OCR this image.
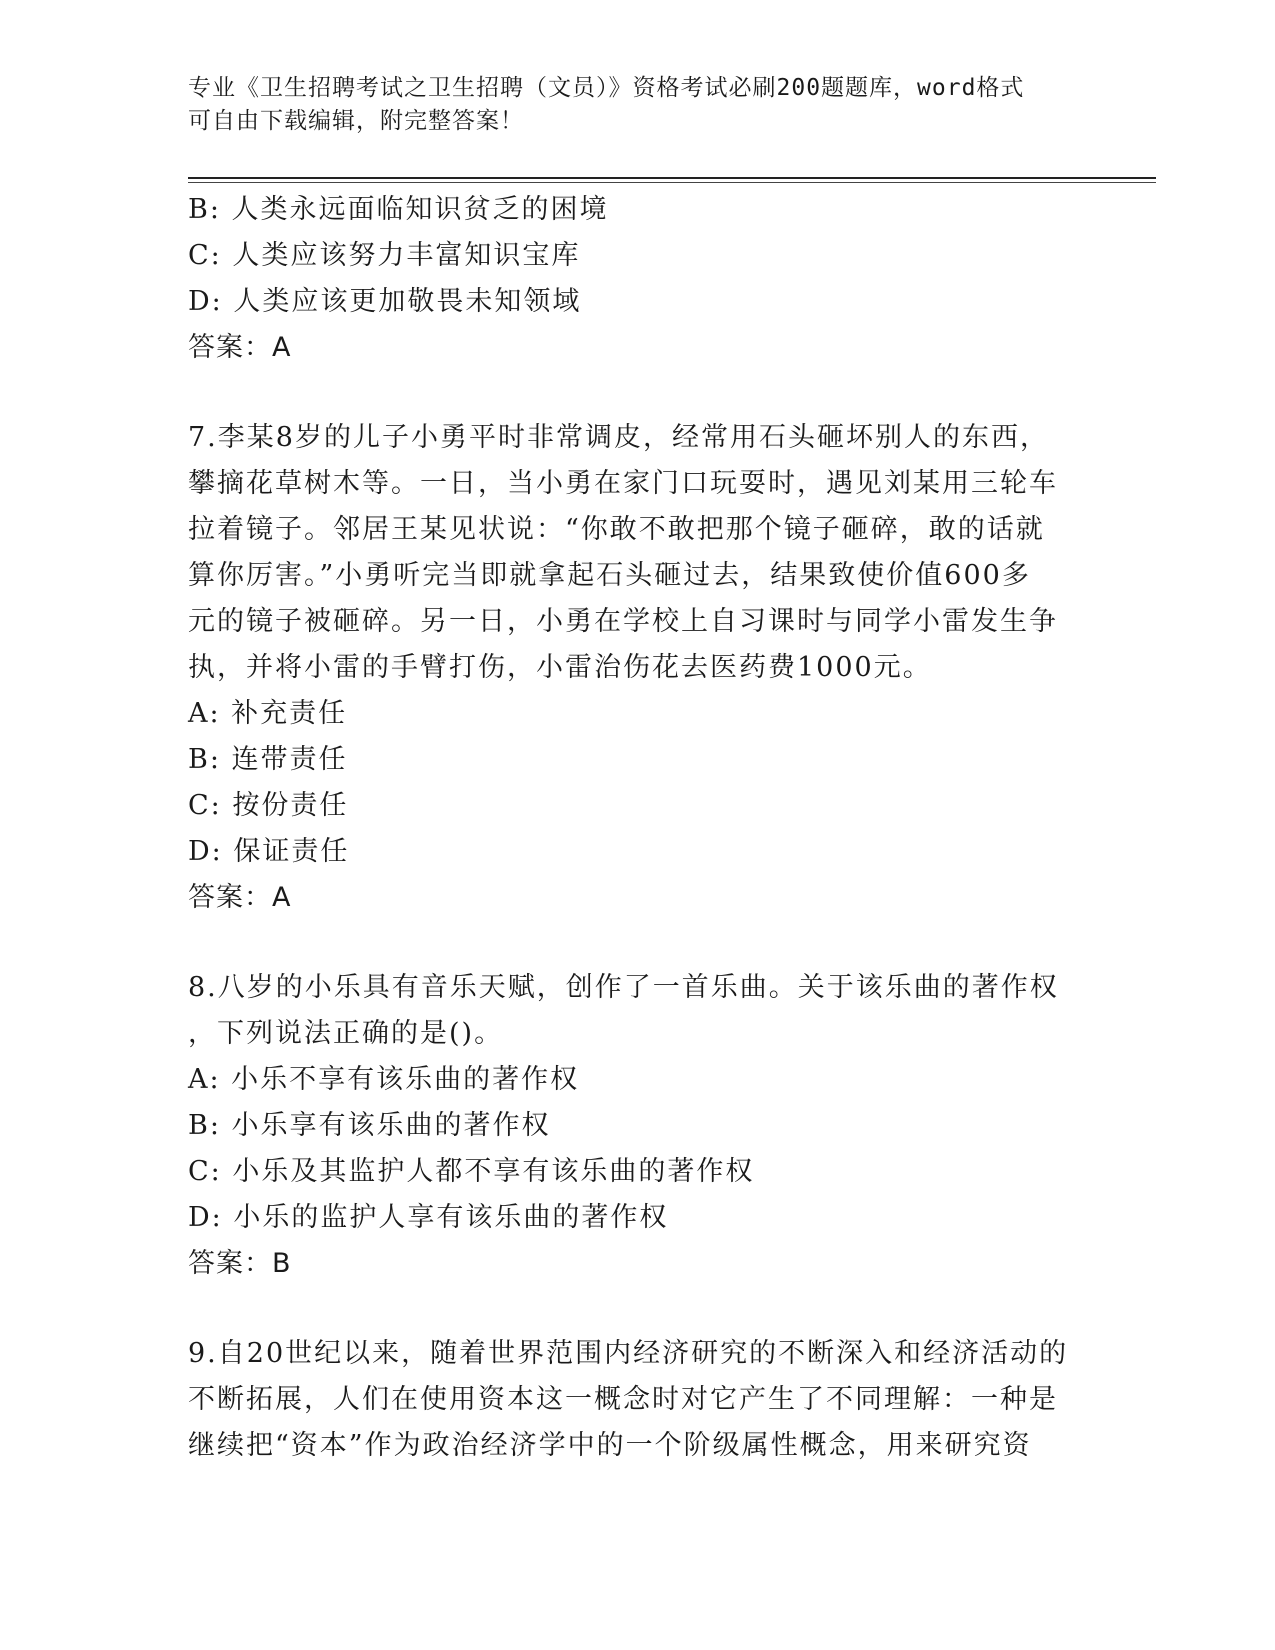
专业《卫生招聘考试之卫生招聘（文员）》资格考试必刷200题题库，word格式
可自由下载编辑，附完整答案！
B: 人类永远面临知识贫乏的困境
C: 人类应该努力丰富知识宝库
D: 人类应该更加敬畏未知领域
答案：A
7.李某8岁的儿子小勇平时非常调皮，经常用石头砸坏别人的东西，
攀摘花草树木等。一日，当小勇在家门口玩耍时，遇见刘某用三轮车
拉着镜子。邻居王某见状说：“你敢不敢把那个镜子砸碎，敢的话就
算你厉害。”小勇听完当即就拿起石头砸过去，结果致使价值600多
元的镜子被砸碎。另一日，小勇在学校上自习课时与同学小雷发生争
执，并将小雷的手臂打伤，小雷治伤花去医药费1000元。
A: 补充责任
B: 连带责任
C: 按份责任
D: 保证责任
答案：A
8.八岁的小乐具有音乐天赋，创作了一首乐曲。关于该乐曲的著作权
，下列说法正确的是()。
A: 小乐不享有该乐曲的著作权
B: 小乐享有该乐曲的著作权
C: 小乐及其监护人都不享有该乐曲的著作权
D: 小乐的监护人享有该乐曲的著作权
答案：B
9.自20世纪以来，随着世界范围内经济研究的不断深入和经济活动的
不断拓展，人们在使用资本这一概念时对它产生了不同理解：一种是
继续把“资本”作为政治经济学中的一个阶级属性概念，用来研究资
